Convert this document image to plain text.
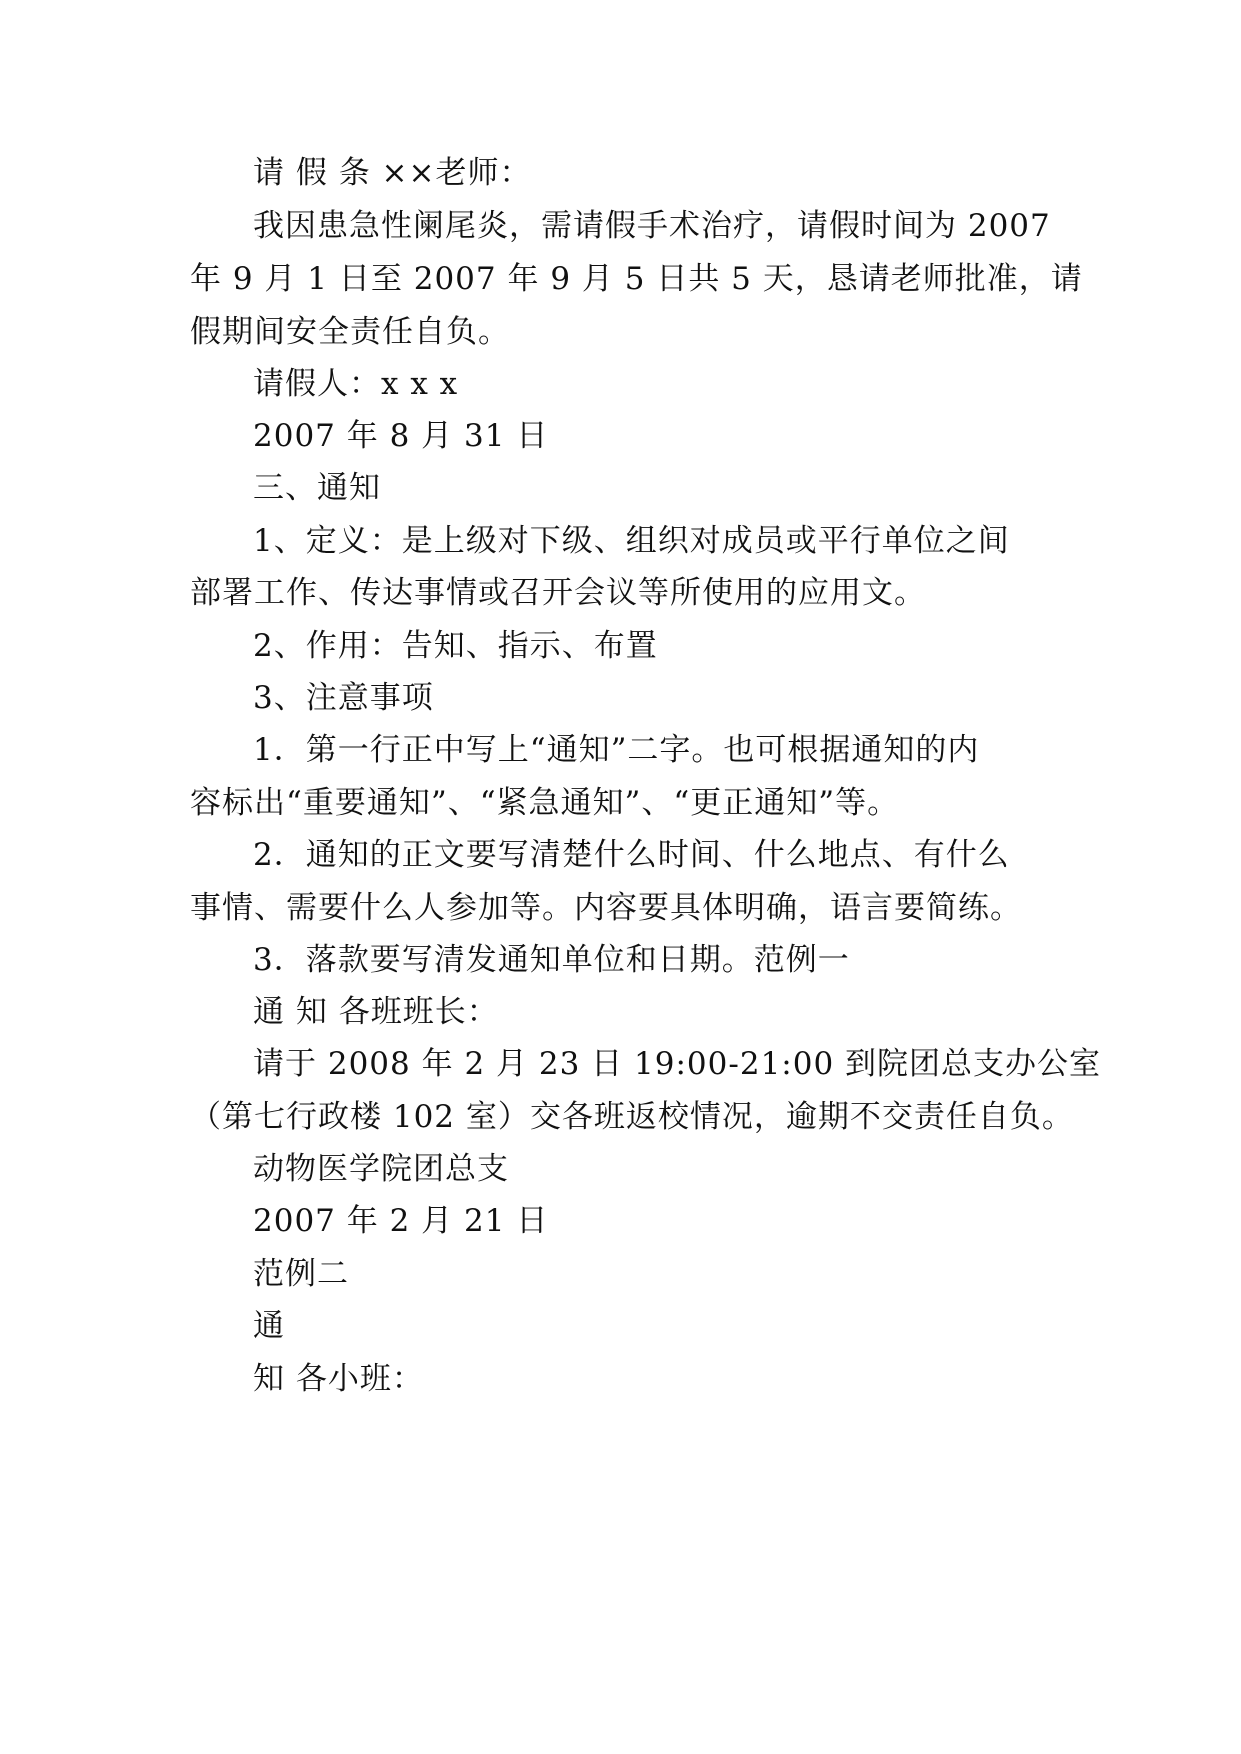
请 假 条 ××老师：
我因患急性阑尾炎，需请假手术治疗，请假时间为 2007
年 9 月 1 日至 2007 年 9 月 5 日共 5 天，恳请老师批准，请
假期间安全责任自负。
请假人：x x x
2007 年 8 月 31 日
三、通知
1、定义：是上级对下级、组织对成员或平行单位之间
部署工作、传达事情或召开会议等所使用的应用文。
2、作用：告知、指示、布置
3、注意事项
1．第一行正中写上“通知”二字。也可根据通知的内
容标出“重要通知”、“紧急通知”、“更正通知”等。
2．通知的正文要写清楚什么时间、什么地点、有什么
事情、需要什么人参加等。内容要具体明确，语言要简练。
3．落款要写清发通知单位和日期。范例一
通 知 各班班长：
请于 2008 年 2 月 23 日 19:00-21:00 到院团总支办公室
（第七行政楼 102 室）交各班返校情况，逾期不交责任自负。
动物医学院团总支
2007 年 2 月 21 日
范例二
通
知 各小班：
